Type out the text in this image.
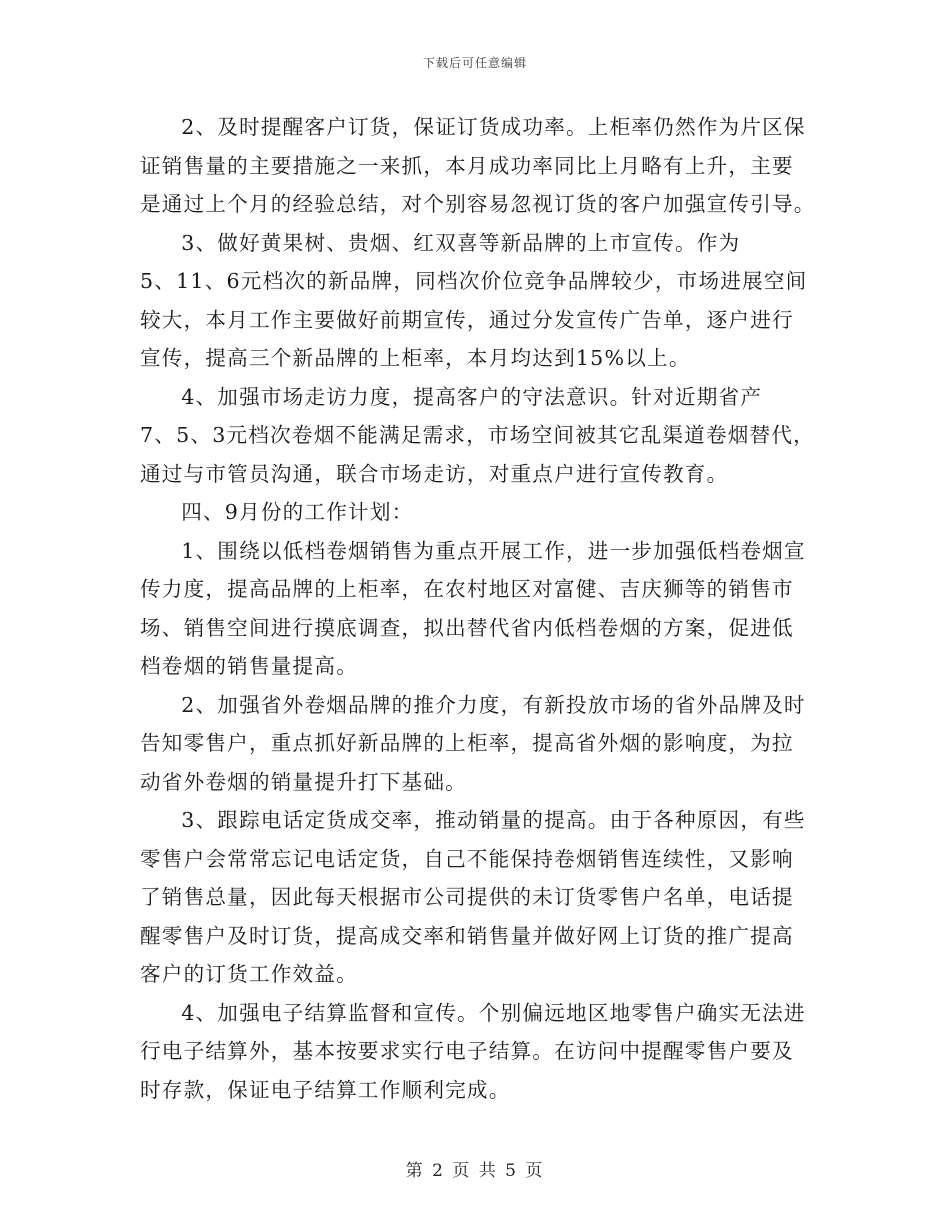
下载后可任意编辑

2、及时提醒客户订货，保证订货成功率。上柜率仍然作为片区保
证销售量的主要措施之一来抓，本月成功率同比上月略有上升，主要
是通过上个月的经验总结，对个别容易忽视订货的客户加强宣传引导。

3、做好黄果树、贵烟、红双喜等新品牌的上市宣传。作为
5、11、6元档次的新品牌，同档次价位竞争品牌较少，市场进展空间
较大，本月工作主要做好前期宣传，通过分发宣传广告单，逐户进行
宣传，提高三个新品牌的上柜率，本月均达到15%以上。

4、加强市场走访力度，提高客户的守法意识。针对近期省产
7、5、3元档次卷烟不能满足需求，市场空间被其它乱渠道卷烟替代，
通过与市管员沟通，联合市场走访，对重点户进行宣传教育。

四、9月份的工作计划：

1、围绕以低档卷烟销售为重点开展工作，进一步加强低档卷烟宣
传力度，提高品牌的上柜率，在农村地区对富健、吉庆狮等的销售市
场、销售空间进行摸底调查，拟出替代省内低档卷烟的方案，促进低
档卷烟的销售量提高。

2、加强省外卷烟品牌的推介力度，有新投放市场的省外品牌及时
告知零售户，重点抓好新品牌的上柜率，提高省外烟的影响度，为拉
动省外卷烟的销量提升打下基础。

3、跟踪电话定货成交率，推动销量的提高。由于各种原因，有些
零售户会常常忘记电话定货，自己不能保持卷烟销售连续性，又影响
了销售总量，因此每天根据市公司提供的未订货零售户名单，电话提
醒零售户及时订货，提高成交率和销售量并做好网上订货的推广提高
客户的订货工作效益。

4、加强电子结算监督和宣传。个别偏远地区地零售户确实无法进
行电子结算外，基本按要求实行电子结算。在访问中提醒零售户要及
时存款，保证电子结算工作顺利完成。

第 2 页 共 5 页
